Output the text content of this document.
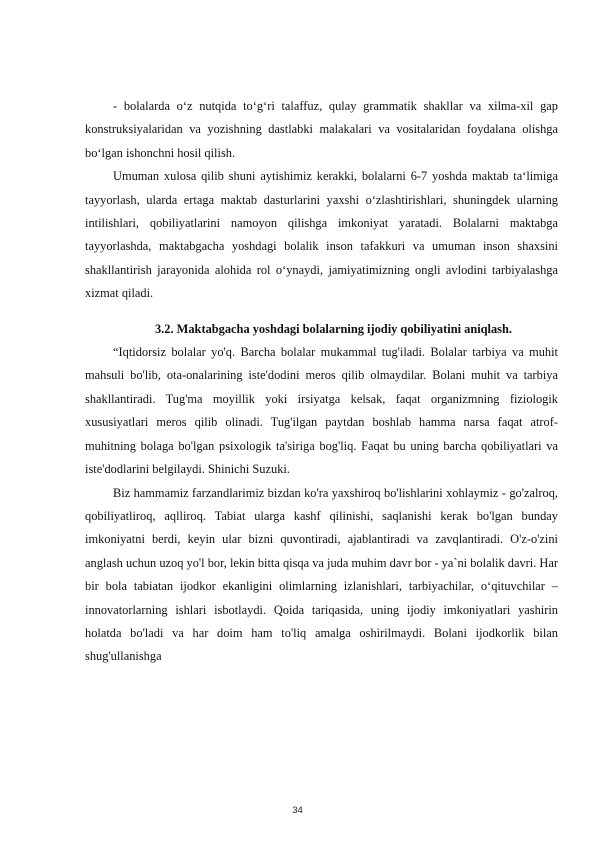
- bolalarda oʻz nutqida toʻgʻri talaffuz, qulay grammatik shakllar va xilma-xil gap konstruksiyalaridan va yozishning dastlabki malakalari va vositalaridan foydalana olishga boʻlgan ishonchni hosil qilish.

Umuman xulosa qilib shuni aytishimiz kerakki, bolalarni 6-7 yoshda maktab taʻlimiga tayyorlash, ularda ertaga maktab dasturlarini yaxshi oʻzlashtirishlari, shuningdek ularning intilishlari, qobiliyatlarini namoyon qilishga imkoniyat yaratadi. Bolalarni maktabga tayyorlashda, maktabgacha yoshdagi bolalik inson tafakkuri va umuman inson shaxsini shakllantirish jarayonida alohida rol oʻynaydi, jamiyatimizning ongli avlodini tarbiyalashga xizmat qiladi.

3.2. Maktabgacha yoshdagi bolalarning ijodiy qobiliyatini aniqlash.

“Iqtidorsiz bolalar yo'q. Barcha bolalar mukammal tug'iladi. Bolalar tarbiya va muhit mahsuli bo'lib, ota-onalarining iste'dodini meros qilib olmaydilar. Bolani muhit va tarbiya shakllantiradi. Tug'ma moyillik yoki irsiyatga kelsak, faqat organizmning fiziologik xususiyatlari meros qilib olinadi. Tug'ilgan paytdan boshlab hamma narsa faqat atrof-muhitning bolaga bo'lgan psixologik ta'siriga bog'liq. Faqat bu uning barcha qobiliyatlari va iste'dodlarini belgilaydi. Shinichi Suzuki.

Biz hammamiz farzandlarimiz bizdan ko'ra yaxshiroq bo'lishlarini xohlaymiz - go'zalroq, qobiliyatliroq, aqlliroq. Tabiat ularga kashf qilinishi, saqlanishi kerak bo'lgan bunday imkoniyatni berdi, keyin ular bizni quvontiradi, ajablantiradi va zavqlantiradi. O'z-o'zini anglash uchun uzoq yo'l bor, lekin bitta qisqa va juda muhim davr bor - ya`ni bolalik davri. Har bir bola tabiatan ijodkor ekanligini olimlarning izlanishlari, tarbiyachilar, o‘qituvchilar – innovatorlarning ishlari isbotlaydi. Qoida tariqasida, uning ijodiy imkoniyatlari yashirin holatda bo'ladi va har doim ham to'liq amalga oshirilmaydi. Bolani ijodkorlik bilan shug'ullanishga

34
